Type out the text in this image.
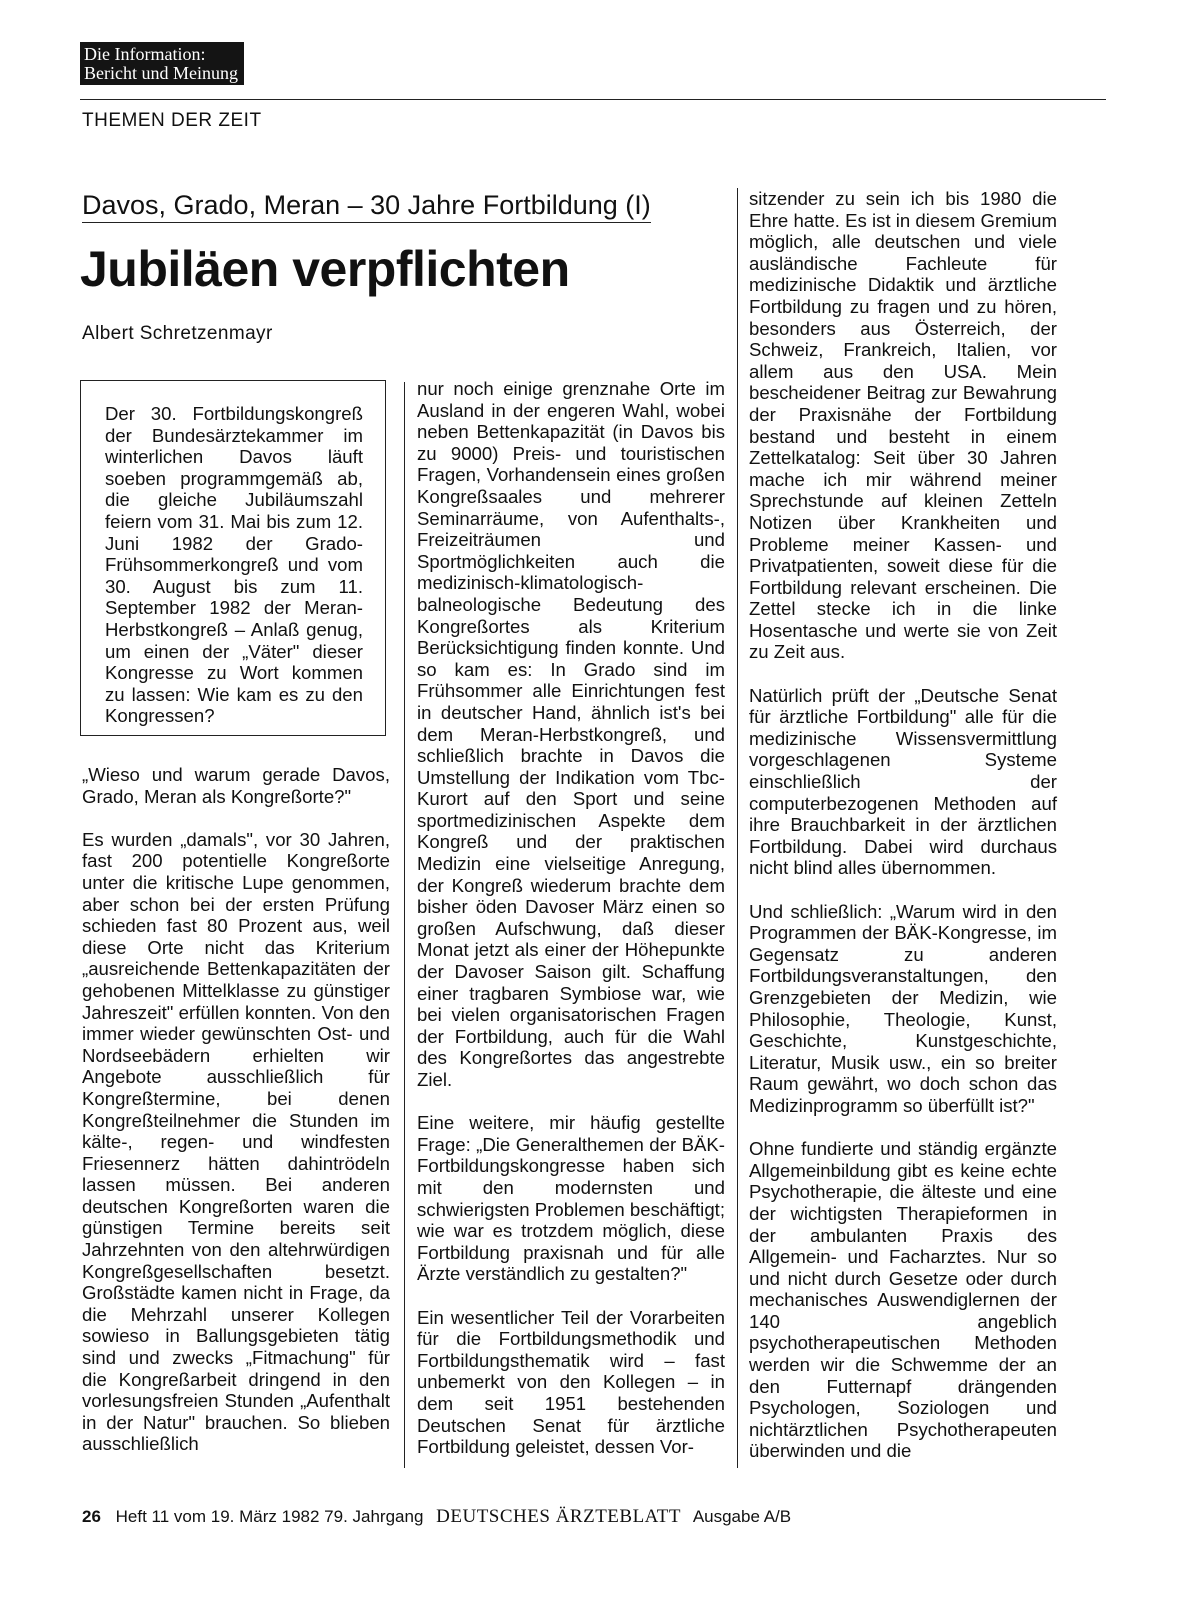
Die Information:
Bericht und Meinung
THEMEN DER ZEIT
Davos, Grado, Meran – 30 Jahre Fortbildung (I)
Jubiläen verpflichten
Albert Schretzenmayr
Der 30. Fortbildungskongreß der Bundesärztekammer im winterlichen Davos läuft soeben programmgemäß ab, die gleiche Jubiläumszahl feiern vom 31. Mai bis zum 12. Juni 1982 der Grado-Frühsommerkongreß und vom 30. August bis zum 11. September 1982 der Meran-Herbstkongreß – Anlaß genug, um einen der „Väter" dieser Kongresse zu Wort kommen zu lassen: Wie kam es zu den Kongressen?

„Wieso und warum gerade Davos, Grado, Meran als Kongreßorte?"

Es wurden „damals", vor 30 Jahren, fast 200 potentielle Kongreßorte unter die kritische Lupe genommen, aber schon bei der ersten Prüfung schieden fast 80 Prozent aus, weil diese Orte nicht das Kriterium „ausreichende Bettenkapazitäten der gehobenen Mittelklasse zu günstiger Jahreszeit" erfüllen konnten. Von den immer wieder gewünschten Ost- und Nordseebädern erhielten wir Angebote ausschließlich für Kongreßtermine, bei denen Kongreßteilnehmer die Stunden im kälte-, regen- und windfesten Friesennerz hätten dahintrödeln lassen müssen. Bei anderen deutschen Kongreßorten waren die günstigen Termine bereits seit Jahrzehnten von den altehrwürdigen Kongreßgesellschaften besetzt. Großstädte kamen nicht in Frage, da die Mehrzahl unserer Kollegen sowieso in Ballungsgebieten tätig sind und zwecks „Fitmachung" für die Kongreßarbeit dringend in den vorlesungsfreien Stunden „Aufenthalt in der Natur" brauchen. So blieben ausschließlich

nur noch einige grenznahe Orte im Ausland in der engeren Wahl, wobei neben Bettenkapazität (in Davos bis zu 9000) Preis- und touristischen Fragen, Vorhandensein eines großen Kongreßsaales und mehrerer Seminarräume, von Aufenthalts-, Freizeiträumen und Sportmöglichkeiten auch die medizinisch-klimatologisch-balneologische Bedeutung des Kongreßortes als Kriterium Berücksichtigung finden konnte. Und so kam es: In Grado sind im Frühsommer alle Einrichtungen fest in deutscher Hand, ähnlich ist's bei dem Meran-Herbstkongreß, und schließlich brachte in Davos die Umstellung der Indikation vom Tbc-Kurort auf den Sport und seine sportmedizinischen Aspekte dem Kongreß und der praktischen Medizin eine vielseitige Anregung, der Kongreß wiederum brachte dem bisher öden Davoser März einen so großen Aufschwung, daß dieser Monat jetzt als einer der Höhepunkte der Davoser Saison gilt. Schaffung einer tragbaren Symbiose war, wie bei vielen organisatorischen Fragen der Fortbildung, auch für die Wahl des Kongreßortes das angestrebte Ziel.

Eine weitere, mir häufig gestellte Frage: „Die Generalthemen der BÄK-Fortbildungskongresse haben sich mit den modernsten und schwierigsten Problemen beschäftigt; wie war es trotzdem möglich, diese Fortbildung praxisnah und für alle Ärzte verständlich zu gestalten?"

Ein wesentlicher Teil der Vorarbeiten für die Fortbildungsmethodik und Fortbildungsthematik wird – fast unbemerkt von den Kollegen – in dem seit 1951 bestehenden Deutschen Senat für ärztliche Fortbildung geleistet, dessen Vor-

sitzender zu sein ich bis 1980 die Ehre hatte. Es ist in diesem Gremium möglich, alle deutschen und viele ausländische Fachleute für medizinische Didaktik und ärztliche Fortbildung zu fragen und zu hören, besonders aus Österreich, der Schweiz, Frankreich, Italien, vor allem aus den USA. Mein bescheidener Beitrag zur Bewahrung der Praxisnähe der Fortbildung bestand und besteht in einem Zettelkatalog: Seit über 30 Jahren mache ich mir während meiner Sprechstunde auf kleinen Zetteln Notizen über Krankheiten und Probleme meiner Kassen- und Privatpatienten, soweit diese für die Fortbildung relevant erscheinen. Die Zettel stecke ich in die linke Hosentasche und werte sie von Zeit zu Zeit aus.

Natürlich prüft der „Deutsche Senat für ärztliche Fortbildung" alle für die medizinische Wissensvermittlung vorgeschlagenen Systeme einschließlich der computerbezogenen Methoden auf ihre Brauchbarkeit in der ärztlichen Fortbildung. Dabei wird durchaus nicht blind alles übernommen.

Und schließlich: „Warum wird in den Programmen der BÄK-Kongresse, im Gegensatz zu anderen Fortbildungsveranstaltungen, den Grenzgebieten der Medizin, wie Philosophie, Theologie, Kunst, Geschichte, Kunstgeschichte, Literatur, Musik usw., ein so breiter Raum gewährt, wo doch schon das Medizinprogramm so überfüllt ist?"

Ohne fundierte und ständig ergänzte Allgemeinbildung gibt es keine echte Psychotherapie, die älteste und eine der wichtigsten Therapieformen in der ambulanten Praxis des Allgemein- und Facharztes. Nur so und nicht durch Gesetze oder durch mechanisches Auswendiglernen der 140 angeblich psychotherapeutischen Methoden werden wir die Schwemme der an den Futternapf drängenden Psychologen, Soziologen und nichtärztlichen Psychotherapeuten überwinden und die

26 Heft 11 vom 19. März 1982 79. Jahrgang DEUTSCHES ÄRZTEBLATT Ausgabe A/B
